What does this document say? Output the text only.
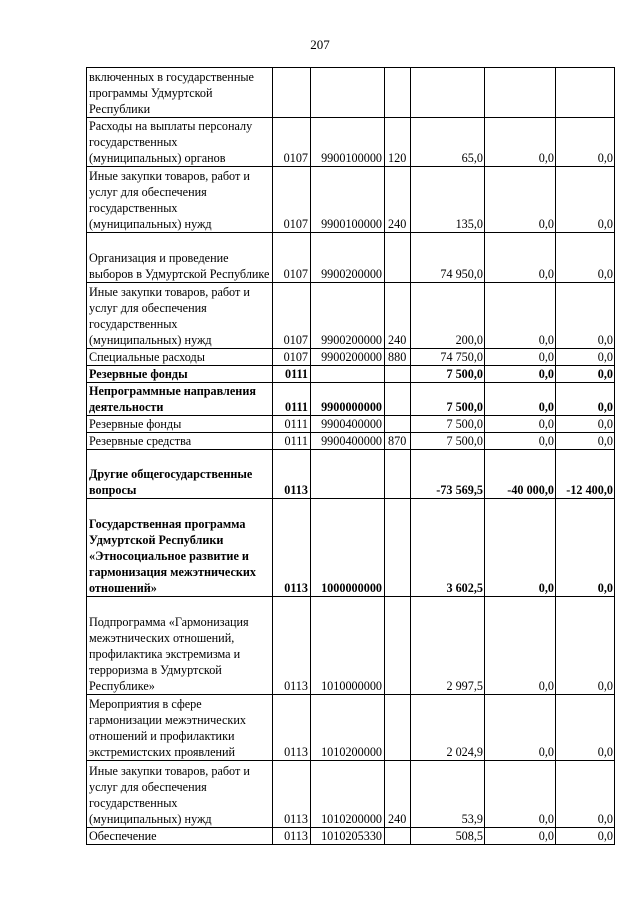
207
включенных в государственные программы Удмуртской Республики						
Расходы на выплаты персоналу государственных (муниципальных) органов	0107	9900100000	120	65,0	0,0	0,0
Иные закупки товаров, работ и услуг для обеспечения государственных (муниципальных) нужд	0107	9900100000	240	135,0	0,0	0,0
Организация и проведение выборов в Удмуртской Республике	0107	9900200000		74 950,0	0,0	0,0
Иные закупки товаров, работ и услуг для обеспечения государственных (муниципальных) нужд	0107	9900200000	240	200,0	0,0	0,0
Специальные расходы	0107	9900200000	880	74 750,0	0,0	0,0
Резервные фонды	0111			7 500,0	0,0	0,0
Непрограммные направления деятельности	0111	9900000000		7 500,0	0,0	0,0
Резервные фонды	0111	9900400000		7 500,0	0,0	0,0
Резервные средства	0111	9900400000	870	7 500,0	0,0	0,0
Другие общегосударственные вопросы	0113			-73 569,5	-40 000,0	-12 400,0
Государственная программа Удмуртской Республики «Этносоциальное развитие и гармонизация межэтнических отношений»	0113	1000000000		3 602,5	0,0	0,0
Подпрограмма «Гармонизация межэтнических отношений, профилактика экстремизма и терроризма в Удмуртской Республике»	0113	1010000000		2 997,5	0,0	0,0
Мероприятия в сфере гармонизации межэтнических отношений и профилактики экстремистских проявлений	0113	1010200000		2 024,9	0,0	0,0
Иные закупки товаров, работ и услуг для обеспечения государственных (муниципальных) нужд	0113	1010200000	240	53,9	0,0	0,0
Обеспечение	0113	1010205330		508,5	0,0	0,0
